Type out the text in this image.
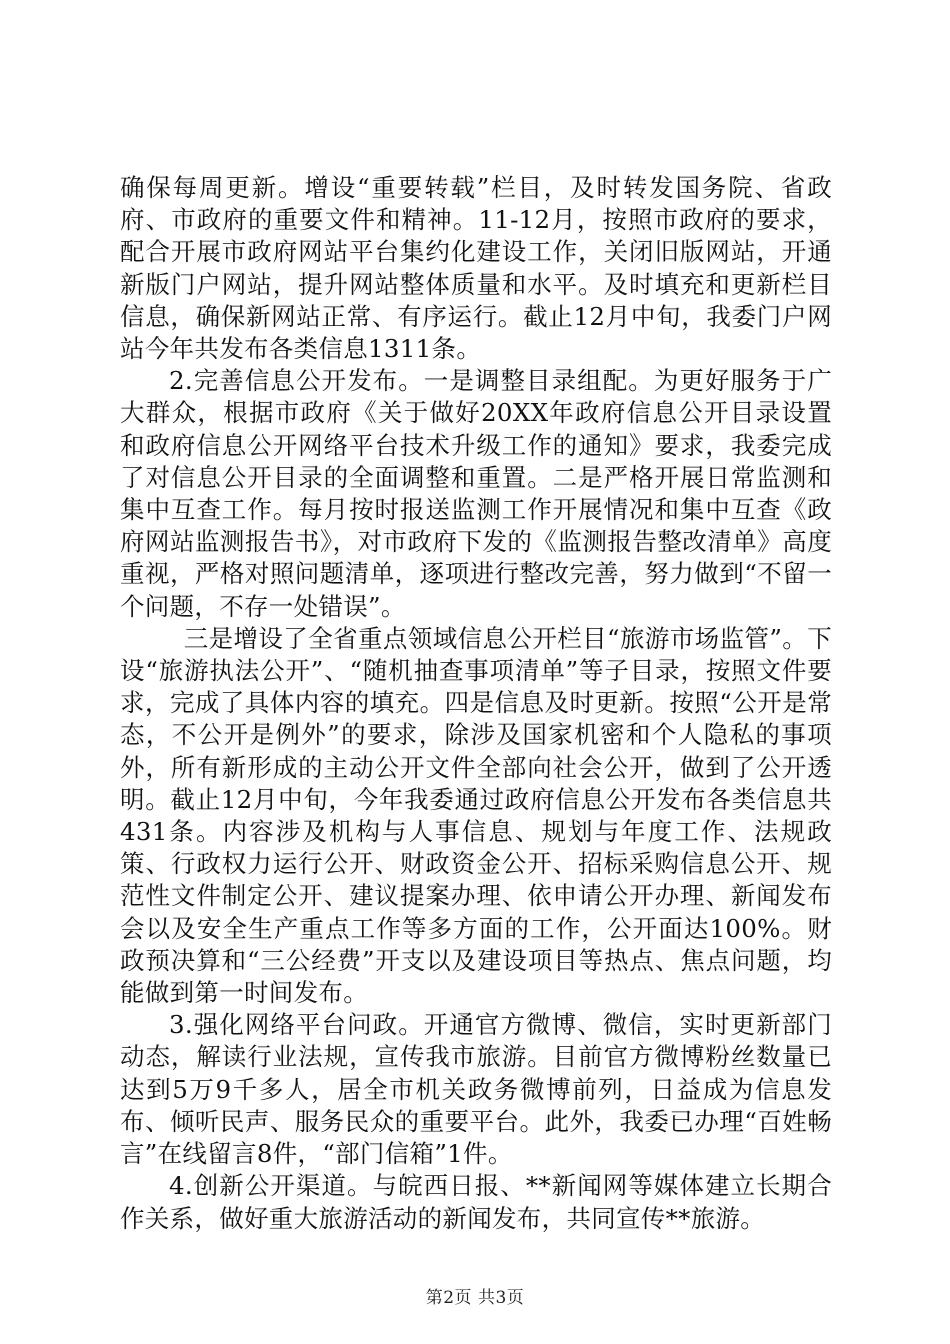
确保每周更新。增设“重要转载”栏目，及时转发国务院、省政府、市政府的重要文件和精神。11-12月，按照市政府的要求，配合开展市政府网站平台集约化建设工作，关闭旧版网站，开通新版门户网站，提升网站整体质量和水平。及时填充和更新栏目信息，确保新网站正常、有序运行。截止12月中旬，我委门户网站今年共发布各类信息1311条。

2.完善信息公开发布。一是调整目录组配。为更好服务于广大群众，根据市政府《关于做好20XX年政府信息公开目录设置和政府信息公开网络平台技术升级工作的通知》要求，我委完成了对信息公开目录的全面调整和重置。二是严格开展日常监测和集中互查工作。每月按时报送监测工作开展情况和集中互查《政府网站监测报告书》，对市政府下发的《监测报告整改清单》高度重视，严格对照问题清单，逐项进行整改完善，努力做到“不留一个问题，不存一处错误”。

三是增设了全省重点领域信息公开栏目“旅游市场监管”。下设“旅游执法公开”、“随机抽查事项清单”等子目录，按照文件要求，完成了具体内容的填充。四是信息及时更新。按照“公开是常态，不公开是例外”的要求，除涉及国家机密和个人隐私的事项外，所有新形成的主动公开文件全部向社会公开，做到了公开透明。截止12月中旬，今年我委通过政府信息公开发布各类信息共431条。内容涉及机构与人事信息、规划与年度工作、法规政策、行政权力运行公开、财政资金公开、招标采购信息公开、规范性文件制定公开、建议提案办理、依申请公开办理、新闻发布会以及安全生产重点工作等多方面的工作，公开面达100%。财政预决算和“三公经费”开支以及建设项目等热点、焦点问题，均能做到第一时间发布。

3.强化网络平台问政。开通官方微博、微信，实时更新部门动态，解读行业法规，宣传我市旅游。目前官方微博粉丝数量已达到5万9千多人，居全市机关政务微博前列，日益成为信息发布、倾听民声、服务民众的重要平台。此外，我委已办理“百姓畅言”在线留言8件，“部门信箱”1件。

4.创新公开渠道。与皖西日报、**新闻网等媒体建立长期合作关系，做好重大旅游活动的新闻发布，共同宣传**旅游。

第2页 共3页
